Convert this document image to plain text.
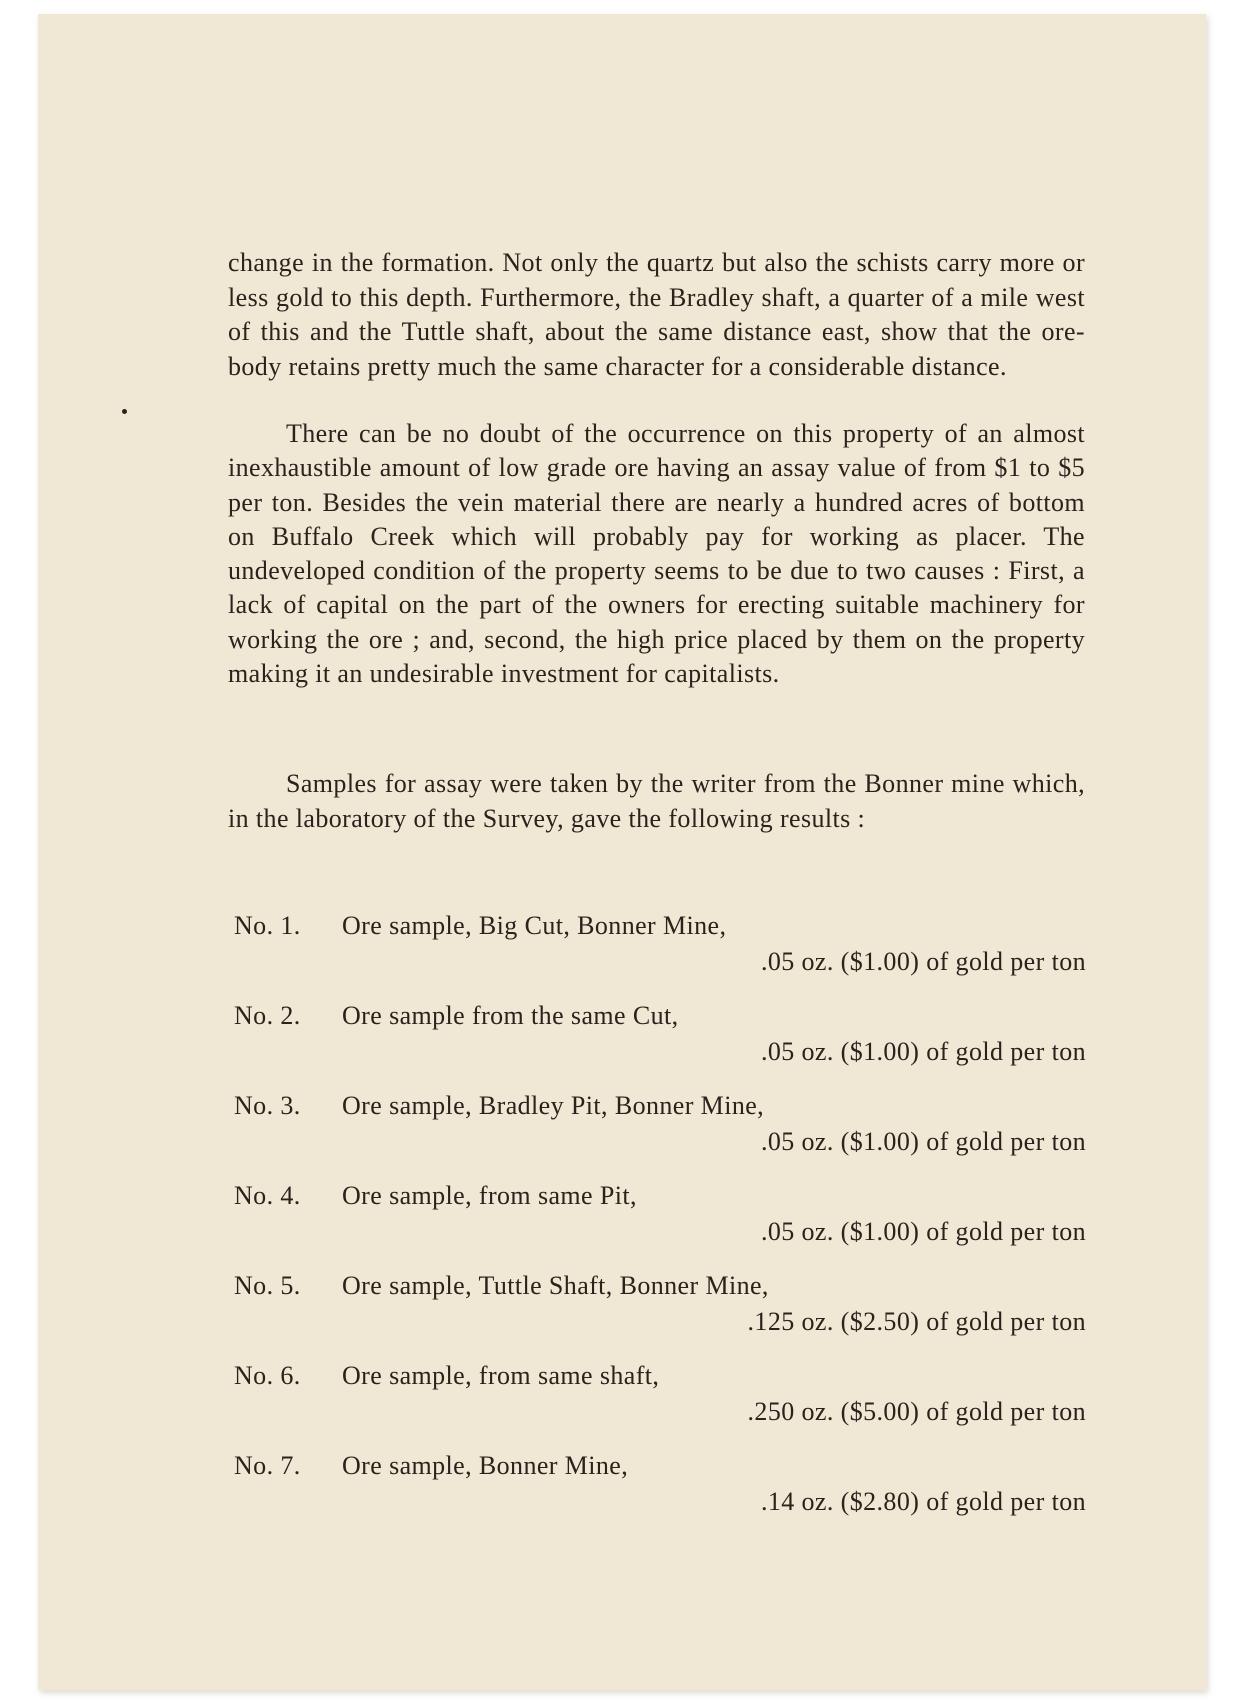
change in the formation. Not only the quartz but also the schists carry more or less gold to this depth. Furthermore, the Bradley shaft, a quarter of a mile west of this and the Tuttle shaft, about the same distance east, show that the ore-body retains pretty much the same character for a considerable distance.

There can be no doubt of the occurrence on this property of an almost inexhaustible amount of low grade ore having an assay value of from $1 to $5 per ton. Besides the vein material there are nearly a hundred acres of bottom on Buffalo Creek which will probably pay for working as placer. The undeveloped condition of the property seems to be due to two causes : First, a lack of capital on the part of the owners for erecting suitable machinery for working the ore ; and, second, the high price placed by them on the property making it an undesirable investment for capitalists.

Samples for assay were taken by the writer from the Bonner mine which, in the laboratory of the Survey, gave the following results :

No. 1. Ore sample, Big Cut, Bonner Mine,
.05 oz. ($1.00) of gold per ton
No. 2. Ore sample from the same Cut,
.05 oz. ($1.00) of gold per ton
No. 3. Ore sample, Bradley Pit, Bonner Mine,
.05 oz. ($1.00) of gold per ton
No. 4. Ore sample, from same Pit,
.05 oz. ($1.00) of gold per ton
No. 5. Ore sample, Tuttle Shaft, Bonner Mine,
.125 oz. ($2.50) of gold per ton
No. 6. Ore sample, from same shaft,
.250 oz. ($5.00) of gold per ton
No. 7. Ore sample, Bonner Mine,
.14 oz. ($2.80) of gold per ton
